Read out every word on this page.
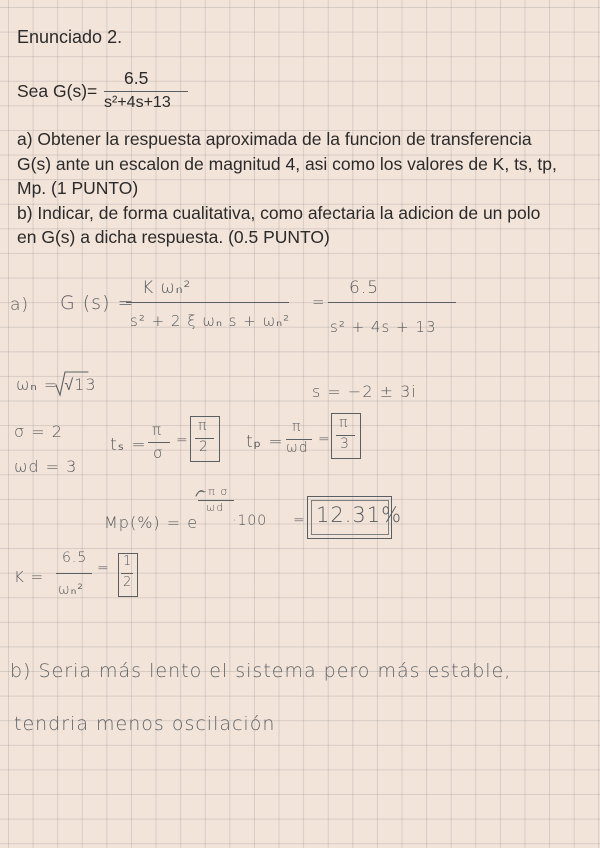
Enunciado 2.
Sea G(s)=
6.5
s²+4s+13
a) Obtener la respuesta aproximada de la funcion de transferencia
G(s) ante un escalon de magnitud 4, asi como los valores de K, ts, tp,
Mp. (1 PUNTO)
b) Indicar, de forma cualitativa, como afectaria la adicion de un polo
en G(s) a dicha respuesta. (0.5 PUNTO)
a) G (s) =
K ωₙ²
s² + 2 ξ ωₙ s + ωₙ²
=
6.5
s² + 4s + 13
ωₙ = √13	s = −2 ± 3i
σ = 2
ωd = 3
tₛ =
π
σ
=
π
2 tₚ =
π
ωd
=
π
3
Mp(%) = e
−π σ
ωd
·100 = 12.31%
K =
6.5
ωₙ²
= 1
2
b) Seria más lento el sistema pero más estable,
tendria menos oscilación
